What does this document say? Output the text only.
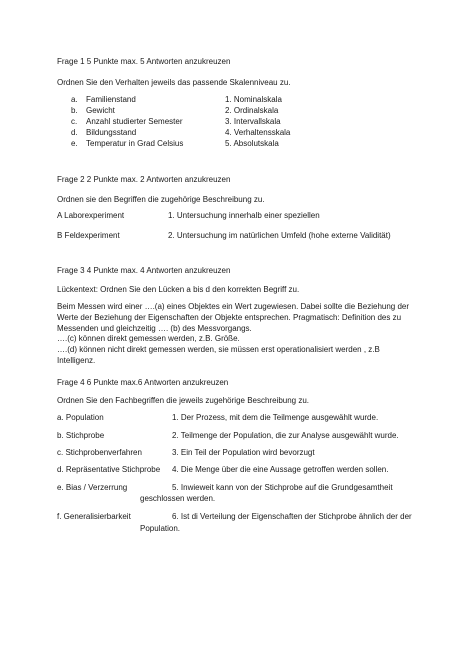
Frage 1 5 Punkte max. 5 Antworten anzukreuzen
Ordnen Sie den Verhalten jeweils das passende Skalenniveau zu.
a. Familienstand	1. Nominalskala
b. Gewicht	2. Ordinalskala
c. Anzahl studierter Semester	3. Intervallskala
d. Bildungsstand	4. Verhaltensskala
e. Temperatur in Grad Celsius	5. Absolutskala
Frage 2 2 Punkte max. 2 Antworten anzukreuzen
Ordnen sie den Begriffen die zugehörige Beschreibung zu.
A Laborexperiment	1. Untersuchung innerhalb einer speziellen
B Feldexperiment	2. Untersuchung im natürlichen Umfeld (hohe externe Validität)
Frage 3 4 Punkte max. 4 Antworten anzukreuzen
Lückentext: Ordnen Sie den Lücken a bis d den korrekten Begriff zu.
Beim Messen wird einer ….(a) eines Objektes ein Wert zugewiesen. Dabei sollte die Beziehung der Werte der Beziehung der Eigenschaften der Objekte entsprechen. Pragmatisch: Definition des zu Messenden und gleichzeitig …. (b) des Messvorgangs.
….(c) können direkt gemessen werden, z.B. Größe.
….(d) können nicht direkt gemessen werden, sie müssen erst operationalisiert werden , z.B Intelligenz.
Frage 4 6 Punkte max.6 Antworten anzukreuzen
Ordnen Sie den Fachbegriffen die jeweils zugehörige Beschreibung zu.
a. Population	1. Der Prozess, mit dem die Teilmenge ausgewählt wurde.
b. Stichprobe	2. Teilmenge der Population, die zur Analyse ausgewählt wurde.
c. Stichprobenverfahren	3. Ein Teil der Population wird bevorzugt
d. Repräsentative Stichprobe 4. Die Menge über die eine Aussage getroffen werden sollen.
e. Bias / Verzerrung	5. Inwieweit kann von der Stichprobe auf die Grundgesamtheit
geschlossen werden.
f. Generalisierbarkeit	6. Ist di Verteilung der Eigenschaften der Stichprobe ähnlich der der
Population.
